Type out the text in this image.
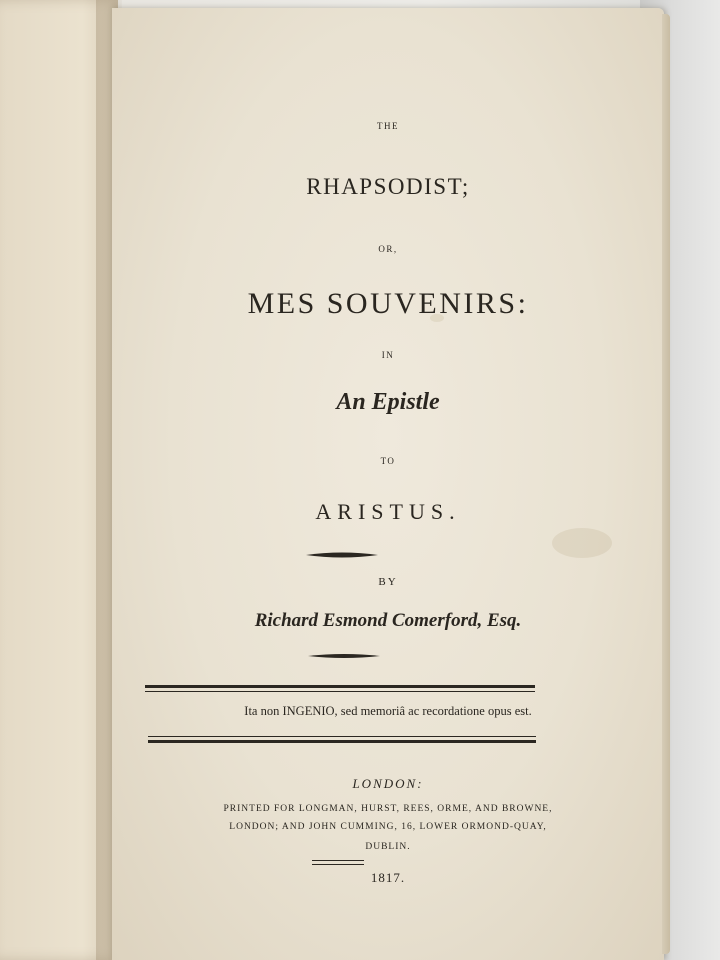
THE
RHAPSODIST;
OR,
MES SOUVENIRS:
IN
An Epistle
TO
ARISTUS.
BY
Richard Esmond Comerford, Esq.
Ita non INGENIO, sed memoriâ ac recordatione opus est.
LONDON:
PRINTED FOR LONGMAN, HURST, REES, ORME, AND BROWNE,
LONDON; AND JOHN CUMMING, 16, LOWER ORMOND-QUAY,
DUBLIN.
1817.
